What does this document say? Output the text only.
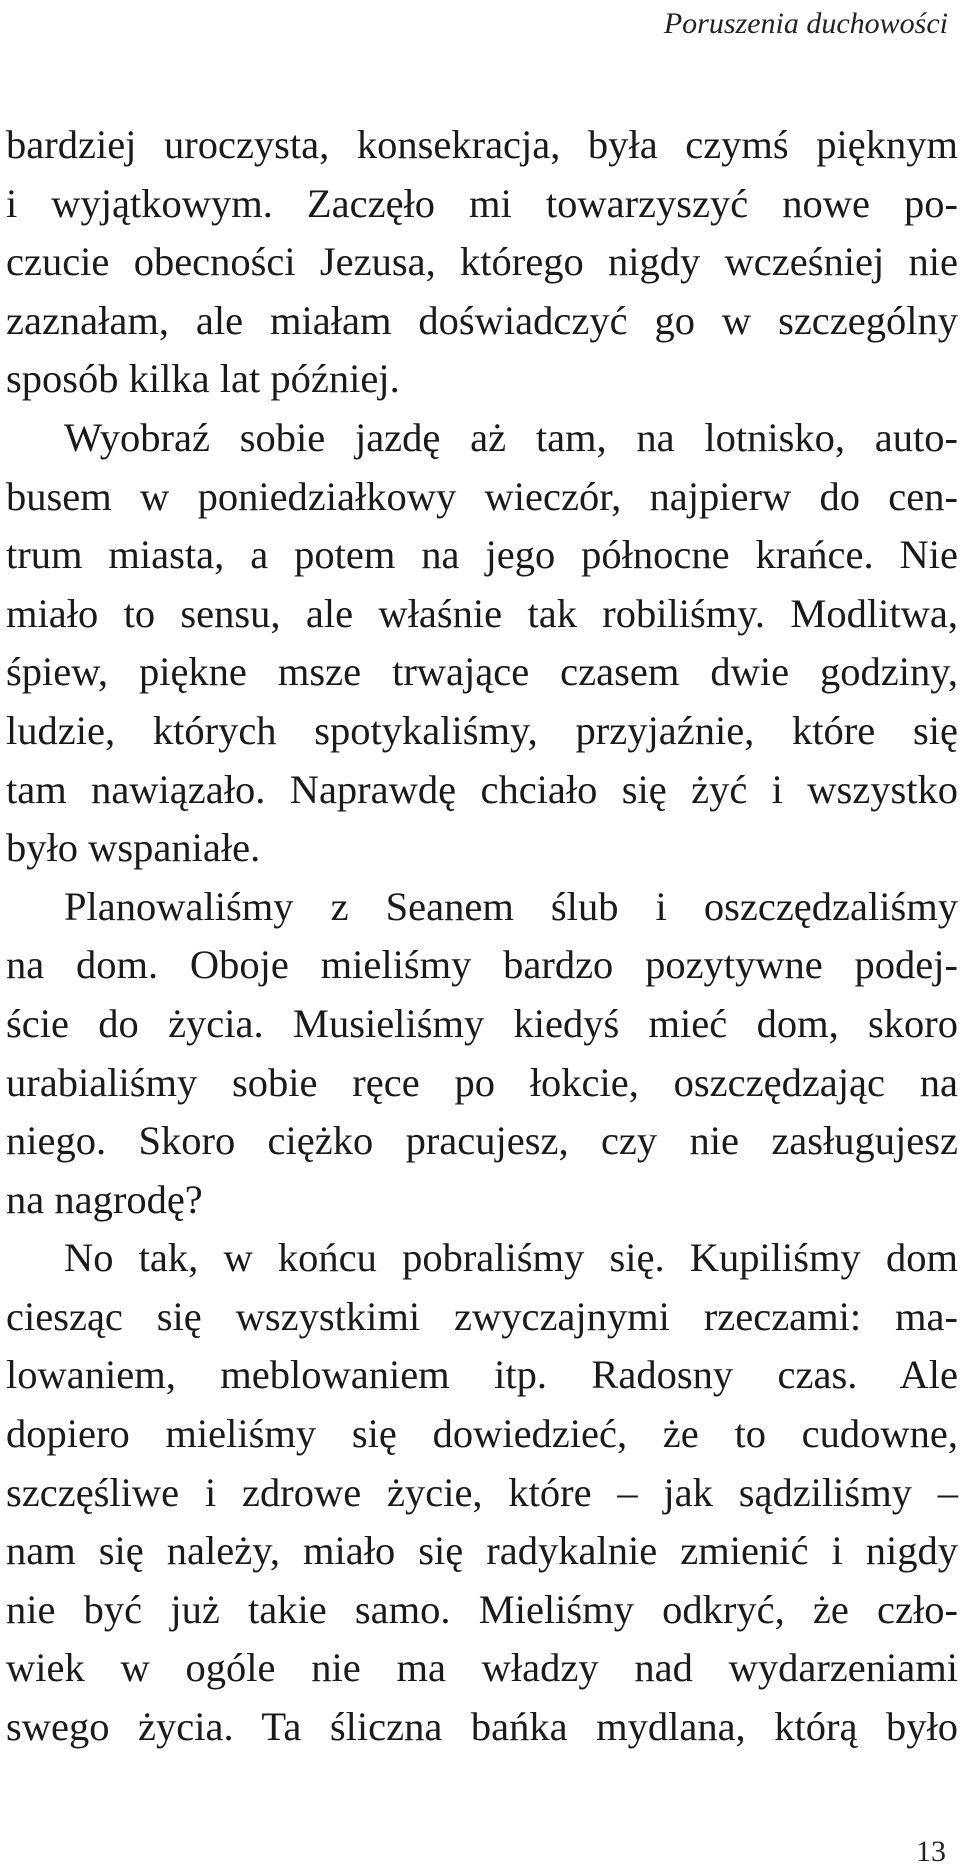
Poruszenia duchowości
bardziej uroczysta, konsekracja, była czymś pięknym
i wyjątkowym. Zaczęło mi towarzyszyć nowe po-
czucie obecności Jezusa, którego nigdy wcześniej nie
zaznałam, ale miałam doświadczyć go w szczególny
sposób kilka lat później.
Wyobraź sobie jazdę aż tam, na lotnisko, auto-
busem w poniedziałkowy wieczór, najpierw do cen-
trum miasta, a potem na jego północne krańce. Nie
miało to sensu, ale właśnie tak robiliśmy. Modlitwa,
śpiew, piękne msze trwające czasem dwie godziny,
ludzie, których spotykaliśmy, przyjaźnie, które się
tam nawiązało. Naprawdę chciało się żyć i wszystko
było wspaniałe.
Planowaliśmy z Seanem ślub i oszczędzaliśmy
na dom. Oboje mieliśmy bardzo pozytywne podej-
ście do życia. Musieliśmy kiedyś mieć dom, skoro
urabialiśmy sobie ręce po łokcie, oszczędzając na
niego. Skoro ciężko pracujesz, czy nie zasługujesz
na nagrodę?
No tak, w końcu pobraliśmy się. Kupiliśmy dom
ciesząc się wszystkimi zwyczajnymi rzeczami: ma-
lowaniem, meblowaniem itp. Radosny czas. Ale
dopiero mieliśmy się dowiedzieć, że to cudowne,
szczęśliwe i zdrowe życie, które – jak sądziliśmy –
nam się należy, miało się radykalnie zmienić i nigdy
nie być już takie samo. Mieliśmy odkryć, że czło-
wiek w ogóle nie ma władzy nad wydarzeniami
swego życia. Ta śliczna bańka mydlana, którą było
13
